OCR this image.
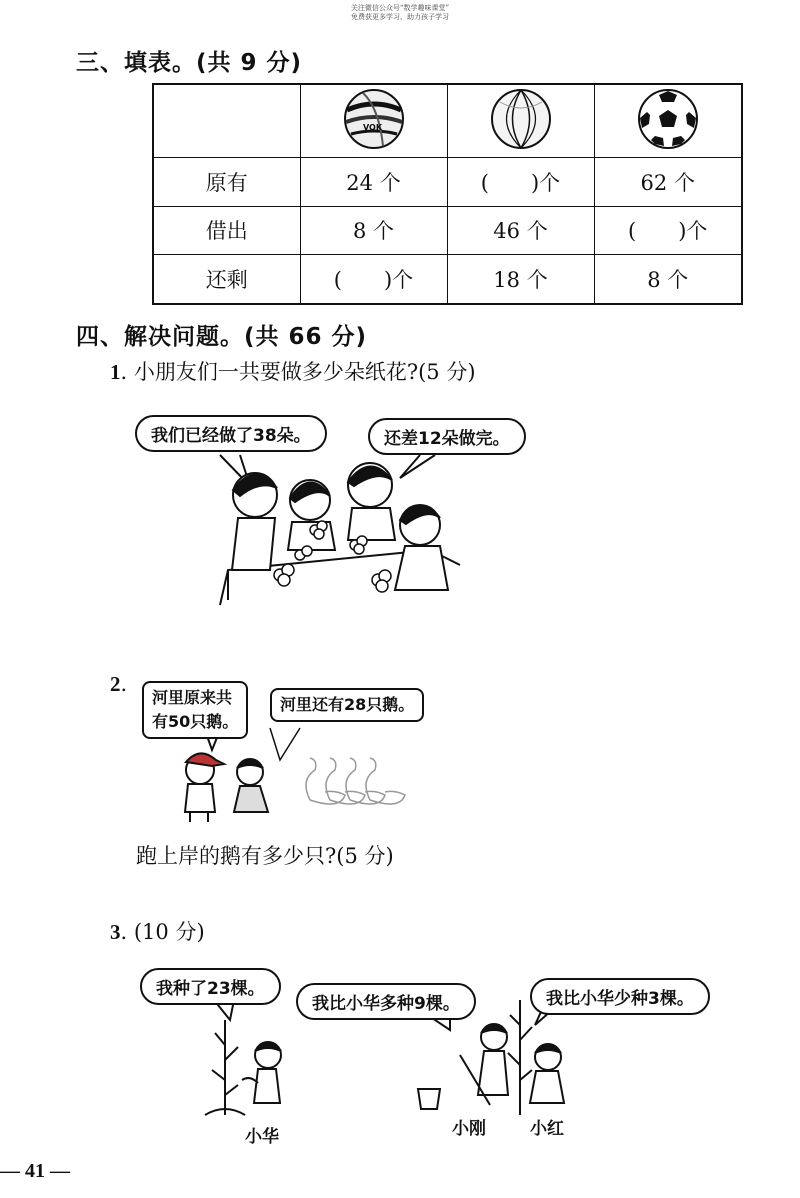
关注微信公众号“数学趣味课堂”
免费获更多学习、助力孩子学习
三、填表。(共 9 分)

VOK

原有	24 个	(　　)个	62 个
借出	8 个	46 个	(　　)个
还剩	(　　)个	18 个	8 个
四、解决问题。(共 66 分)
1. 小朋友们一共要做多少朵纸花?(5 分)
我们已经做了38朵。	还差12朵做完。
2.
河里原来共
有50只鹅。
河里还有28只鹅。
跑上岸的鹅有多少只?(5 分)
3. (10 分)
我种了23棵。
我比小华多种9棵。	我比小华少种3棵。
小华	小刚	小红
— 41 —
